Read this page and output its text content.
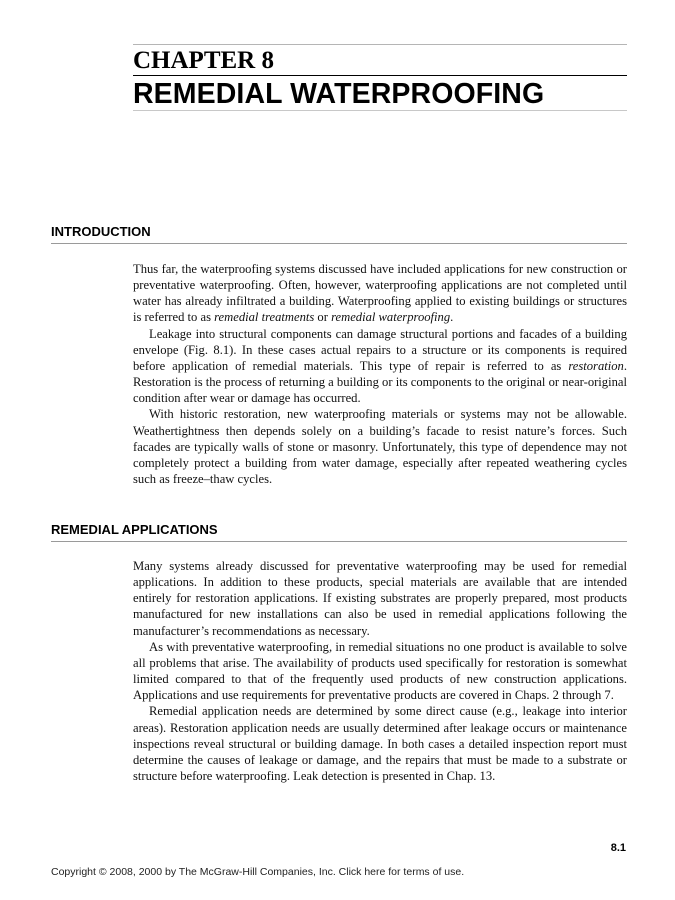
CHAPTER 8
REMEDIAL WATERPROOFING
INTRODUCTION

Thus far, the waterproofing systems discussed have included applications for new construction or preventative waterproofing. Often, however, waterproofing applications are not completed until water has already infiltrated a building. Waterproofing applied to existing buildings or structures is referred to as remedial treatments or remedial waterproofing.

Leakage into structural components can damage structural portions and facades of a building envelope (Fig. 8.1). In these cases actual repairs to a structure or its components is required before application of remedial materials. This type of repair is referred to as restoration. Restoration is the process of returning a building or its components to the original or near-original condition after wear or damage has occurred.

With historic restoration, new waterproofing materials or systems may not be allowable. Weathertightness then depends solely on a building’s facade to resist nature’s forces. Such facades are typically walls of stone or masonry. Unfortunately, this type of dependence may not completely protect a building from water damage, especially after repeated weathering cycles such as freeze–thaw cycles.

REMEDIAL APPLICATIONS

Many systems already discussed for preventative waterproofing may be used for remedial applications. In addition to these products, special materials are available that are intended entirely for restoration applications. If existing substrates are properly prepared, most products manufactured for new installations can also be used in remedial applications following the manufacturer’s recommendations as necessary.

As with preventative waterproofing, in remedial situations no one product is available to solve all problems that arise. The availability of products used specifically for restoration is somewhat limited compared to that of the frequently used products of new construction applications. Applications and use requirements for preventative products are covered in Chaps. 2 through 7.

Remedial application needs are determined by some direct cause (e.g., leakage into interior areas). Restoration application needs are usually determined after leakage occurs or maintenance inspections reveal structural or building damage. In both cases a detailed inspection report must determine the causes of leakage or damage, and the repairs that must be made to a substrate or structure before waterproofing. Leak detection is presented in Chap. 13.

8.1
Copyright © 2008, 2000 by The McGraw-Hill Companies, Inc. Click here for terms of use.
